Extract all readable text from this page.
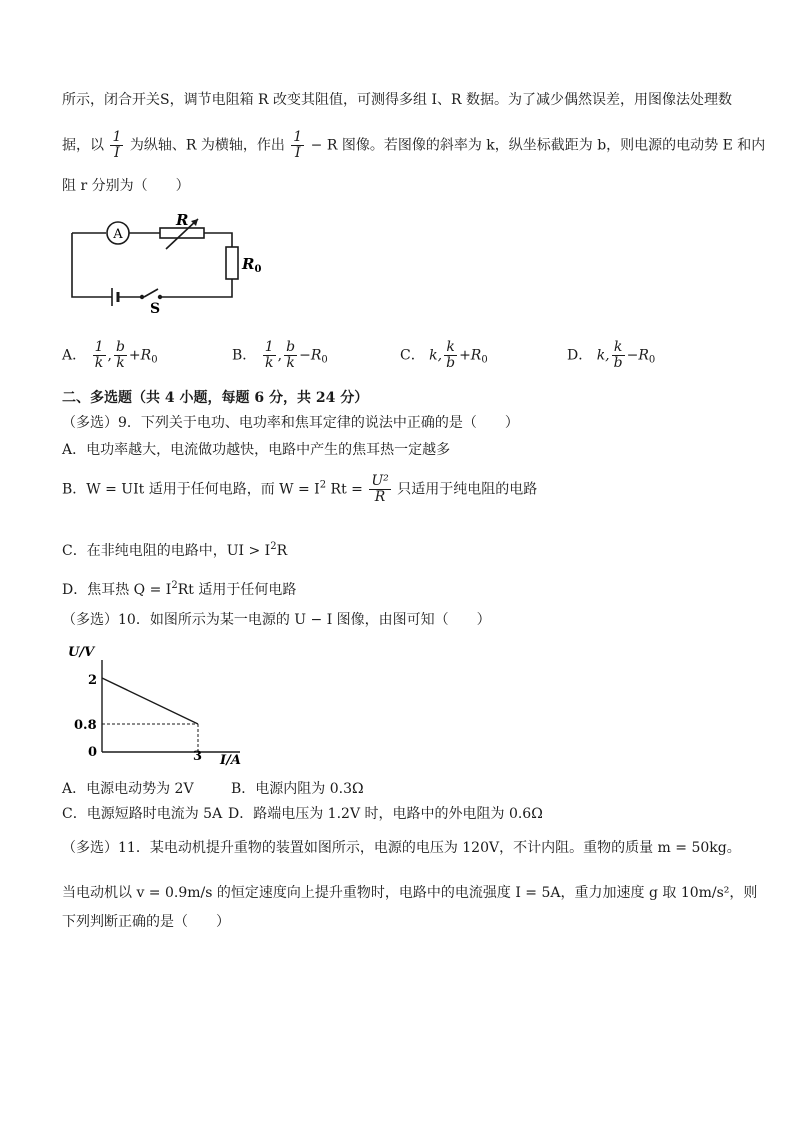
所示，闭合开关S，调节电阻箱 R 改变其阻值，可测得多组 I、R 数据。为了减少偶然误差，用图像法处理数
据，以 $\frac{1}{I}$ 为纵轴、R 为横轴，作出 $\frac{1}{I} - R$ 图像。若图像的斜率为 k，纵坐标截距为 b，则电源的电动势 E 和内
阻 r 分别为（　　）
A
R
$R_0$
S
A． $\frac{1}{k}$ , $\frac{b}{k} +R_0$	B． $\frac{1}{k}$ , $\frac{b}{k} -R_0$	C． k, $\frac{k}{b} +R_0$	D． k, $\frac{k}{b} -R_0$
二、多选题（共 4 小题，每题 6 分，共 24 分）
（多选）9．下列关于电功、电功率和焦耳定律的说法中正确的是（　　）
A．电功率越大，电流做功越快，电路中产生的焦耳热一定越多
B．W = UIt 适用于任何电路，而 $W = I^2$ $Rt = \frac{\text{U²}}{R}$ 只适用于纯电阻的电路
C．在非纯电阻的电路中，UI > $I^2R$
D．焦耳热 $Q = I^2Rt$ 适用于任何电路
（多选）10．如图所示为某一电源的 U − I 图像，由图可知（　　）
U/V
I/A
2
0.8
0	3
A．电源电动势为 2V	B．电源内阻为 0.3Ω
C．电源短路时电流为 5A D．路端电压为 1.2V 时，电路中的外电阻为 0.6Ω
（多选）11．某电动机提升重物的装置如图所示，电源的电压为 120V，不计内阻。重物的质量 m = 50kg。
当电动机以 v = 0.9m/s 的恒定速度向上提升重物时，电路中的电流强度 I = 5A，重力加速度 g 取 10m/s²，则
下列判断正确的是（　　）
